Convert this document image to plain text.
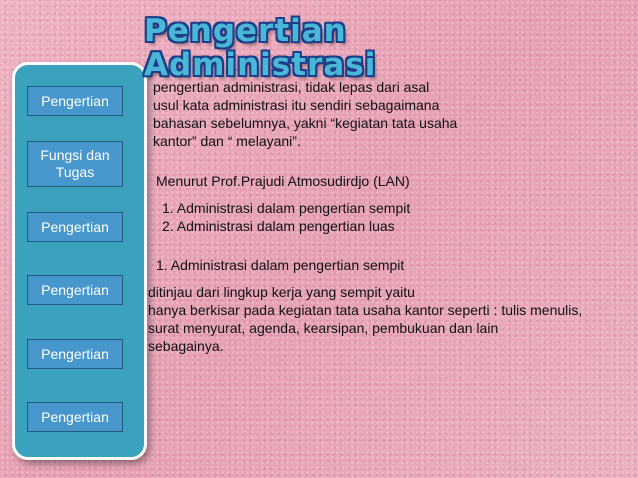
Pengertian
Administrasi
Pengertian
Fungsi dan Tugas
Pengertian
Pengertian
Pengertian
Pengertian

pengertian administrasi, tidak lepas dari asal
usul kata administrasi itu sendiri sebagaimana
bahasan sebelumnya, yakni “kegiatan tata usaha
kantor” dan “ melayani”.

Menurut Prof.Prajudi Atmosudirdjo (LAN)

1. Administrasi dalam pengertian sempit
2. Administrasi dalam pengertian luas

1. Administrasi dalam pengertian sempit

ditinjau dari lingkup kerja yang sempit yaitu
hanya berkisar pada kegiatan tata usaha kantor seperti : tulis menulis,
surat menyurat, agenda, kearsipan, pembukuan dan lain
sebagainya.
